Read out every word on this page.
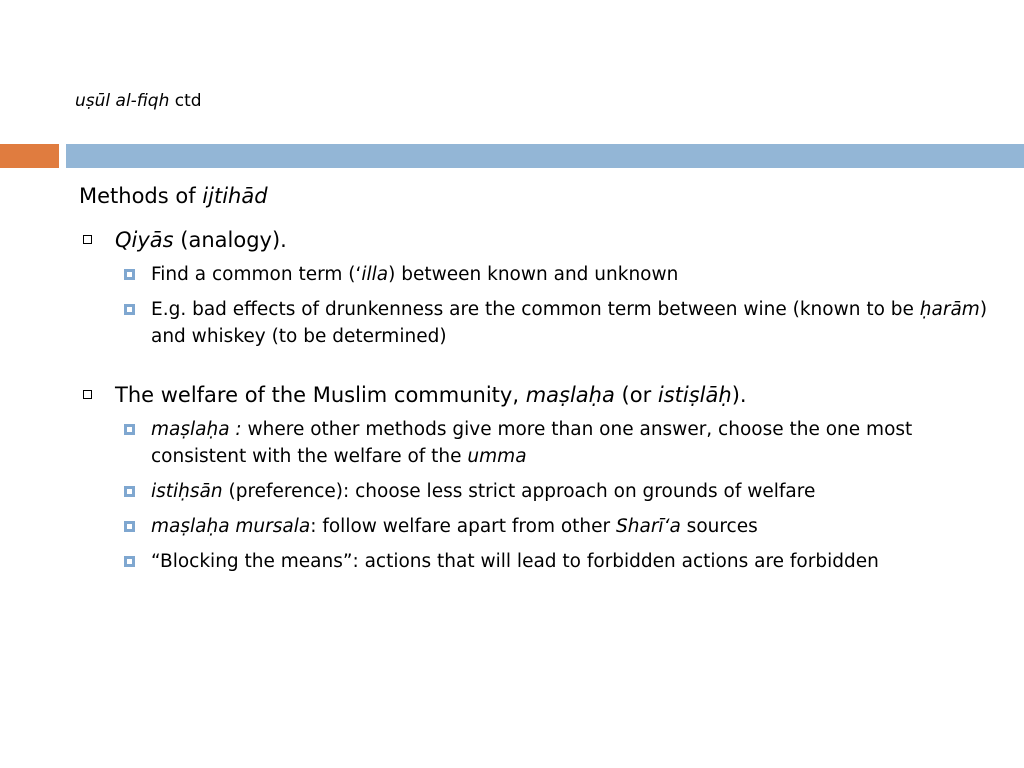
uṣūl al-fiqh ctd
Methods of ijtihād
Qiyās (analogy).
Find a common term (‘illa) between known and unknown
E.g. bad effects of drunkenness are the common term between wine (known to be ḥarām) and whiskey (to be determined)
The welfare of the Muslim community, maṣlaḥa (or istiṣlāḥ).
maṣlaḥa : where other methods give more than one answer, choose the one most consistent with the welfare of the umma
istiḥsān (preference): choose less strict approach on grounds of welfare
maṣlaḥa mursala: follow welfare apart from other Sharī‘a sources
“Blocking the means”: actions that will lead to forbidden actions are forbidden
